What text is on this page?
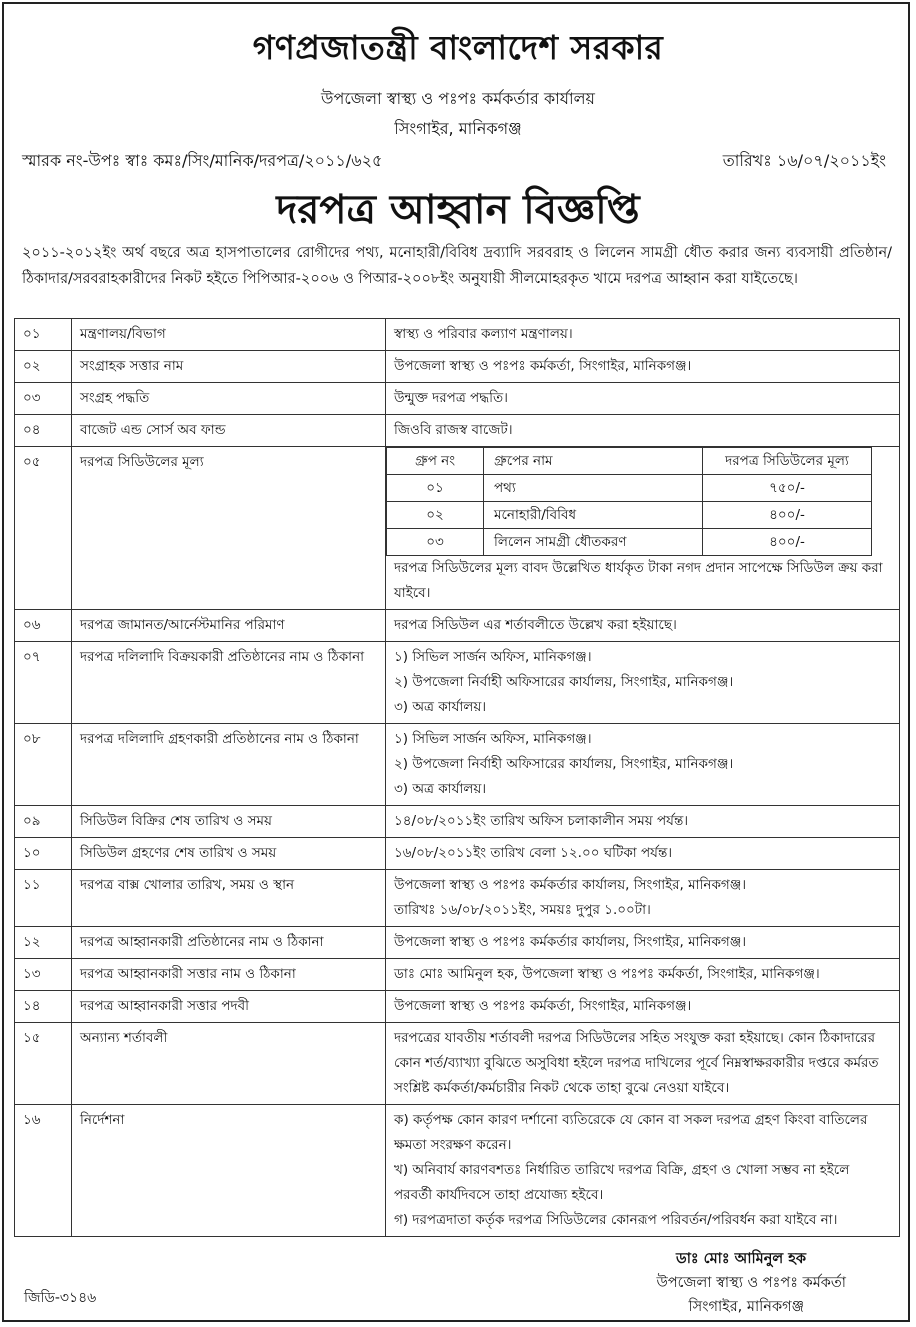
গণপ্রজাতন্ত্রী বাংলাদেশ সরকার
উপজেলা স্বাস্থ্য ও পঃপঃ কর্মকর্তার কার্যালয়
সিংগাইর, মানিকগঞ্জ
স্মারক নং-উপঃ স্বাঃ কমঃ/সিং/মানিক/দরপত্র/২০১১/৬২৫	তারিখঃ ১৬/০৭/২০১১ইং
দরপত্র আহ্বান বিজ্ঞপ্তি
২০১১-২০১২ইং অর্থ বছরে অত্র হাসপাতালের রোগীদের পথ্য, মনোহারী/বিবিধ দ্রব্যাদি সরবরাহ ও লিলেন সামগ্রী ধৌত করার জন্য ব্যবসায়ী প্রতিষ্ঠান/ঠিকাদার/সরবরাহকারীদের নিকট হইতে পিপিআর-২০০৬ ও পিআর-২০০৮ইং অনুযায়ী সীলমোহরকৃত খামে দরপত্র আহ্বান করা যাইতেছে।
০১	মন্ত্রণালয়/বিভাগ	স্বাস্থ্য ও পরিবার কল্যাণ মন্ত্রণালয়।

০২	সংগ্রাহক সত্তার নাম	উপজেলা স্বাস্থ্য ও পঃপঃ কর্মকর্তা, সিংগাইর, মানিকগঞ্জ।

০৩	সংগ্রহ পদ্ধতি	উন্মুক্ত দরপত্র পদ্ধতি।

০৪	বাজেট এন্ড সোর্স অব ফান্ড	জিওবি রাজস্ব বাজেট।

০৫	দরপত্র সিডিউলের মূল্য		গ্রুপ নং	গ্রুপের নাম	দরপত্র সিডিউলের মূল্য
০১	পথ্য	৭৫০/-
০২	মনোহারী/বিবিধ	৪০০/-
০৩	লিলেন সামগ্রী ধৌতকরণ	৪০০/-
দরপত্র সিডিউলের মূল্য বাবদ উল্লেখিত ধার্যকৃত টাকা নগদ প্রদান সাপেক্ষে সিডিউল ক্রয় করা যাইবে।

০৬	দরপত্র জামানত/আর্নেস্টমানির পরিমাণ	দরপত্র সিডিউল এর শর্তাবলীতে উল্লেখ করা হইয়াছে।

০৭	দরপত্র দলিলাদি বিক্রয়কারী প্রতিষ্ঠানের নাম ও ঠিকানা	১) সিভিল সার্জন অফিস, মানিকগঞ্জ।
২) উপজেলা নির্বাহী অফিসারের কার্যালয়, সিংগাইর, মানিকগঞ্জ।
৩) অত্র কার্যালয়।

০৮	দরপত্র দলিলাদি গ্রহণকারী প্রতিষ্ঠানের নাম ও ঠিকানা	১) সিভিল সার্জন অফিস, মানিকগঞ্জ।
২) উপজেলা নির্বাহী অফিসারের কার্যালয়, সিংগাইর, মানিকগঞ্জ।
৩) অত্র কার্যালয়।

০৯	সিডিউল বিক্রির শেষ তারিখ ও সময়	১৪/০৮/২০১১ইং তারিখ অফিস চলাকালীন সময় পর্যন্ত।

১০	সিডিউল গ্রহণের শেষ তারিখ ও সময়	১৬/০৮/২০১১ইং তারিখ বেলা ১২.০০ ঘটিকা পর্যন্ত।

১১	দরপত্র বাক্স খোলার তারিখ, সময় ও স্থান	উপজেলা স্বাস্থ্য ও পঃপঃ কর্মকর্তার কার্যালয়, সিংগাইর, মানিকগঞ্জ।
তারিখঃ ১৬/০৮/২০১১ইং, সময়ঃ দুপুর ১.০০টা।

১২	দরপত্র আহ্বানকারী প্রতিষ্ঠানের নাম ও ঠিকানা	উপজেলা স্বাস্থ্য ও পঃপঃ কর্মকর্তার কার্যালয়, সিংগাইর, মানিকগঞ্জ।

১৩	দরপত্র আহ্বানকারী সত্তার নাম ও ঠিকানা	ডাঃ মোঃ আমিনুল হক, উপজেলা স্বাস্থ্য ও পঃপঃ কর্মকর্তা, সিংগাইর, মানিকগঞ্জ।

১৪	দরপত্র আহ্বানকারী সত্তার পদবী	উপজেলা স্বাস্থ্য ও পঃপঃ কর্মকর্তা, সিংগাইর, মানিকগঞ্জ।

১৫	অন্যান্য শর্তাবলী	দরপত্রের যাবতীয় শর্তাবলী দরপত্র সিডিউলের সহিত সংযুক্ত করা হইয়াছে। কোন ঠিকাদারের কোন শর্ত/ব্যাখ্যা বুঝিতে অসুবিধা হইলে দরপত্র দাখিলের পূর্বে নিম্নস্বাক্ষরকারীর দপ্তরে কর্মরত সংশ্লিষ্ট কর্মকর্তা/কর্মচারীর নিকট থেকে তাহা বুঝে নেওয়া যাইবে।

১৬	নির্দেশনা	ক) কর্তৃপক্ষ কোন কারণ দর্শানো ব্যতিরেকে যে কোন বা সকল দরপত্র গ্রহণ কিংবা বাতিলের ক্ষমতা সংরক্ষণ করেন।
খ) অনিবার্য কারণবশতঃ নির্ধারিত তারিখে দরপত্র বিক্রি, গ্রহণ ও খোলা সম্ভব না হইলে পরবর্তী কার্যদিবসে তাহা প্রযোজ্য হইবে।
গ) দরপত্রদাতা কর্তৃক দরপত্র সিডিউলের কোনরূপ পরিবর্তন/পরিবর্ধন করা যাইবে না।
ডাঃ মোঃ আমিনুল হক
উপজেলা স্বাস্থ্য ও পঃপঃ কর্মকর্তা
সিংগাইর, মানিকগঞ্জ
জিডি-৩১৪৬
